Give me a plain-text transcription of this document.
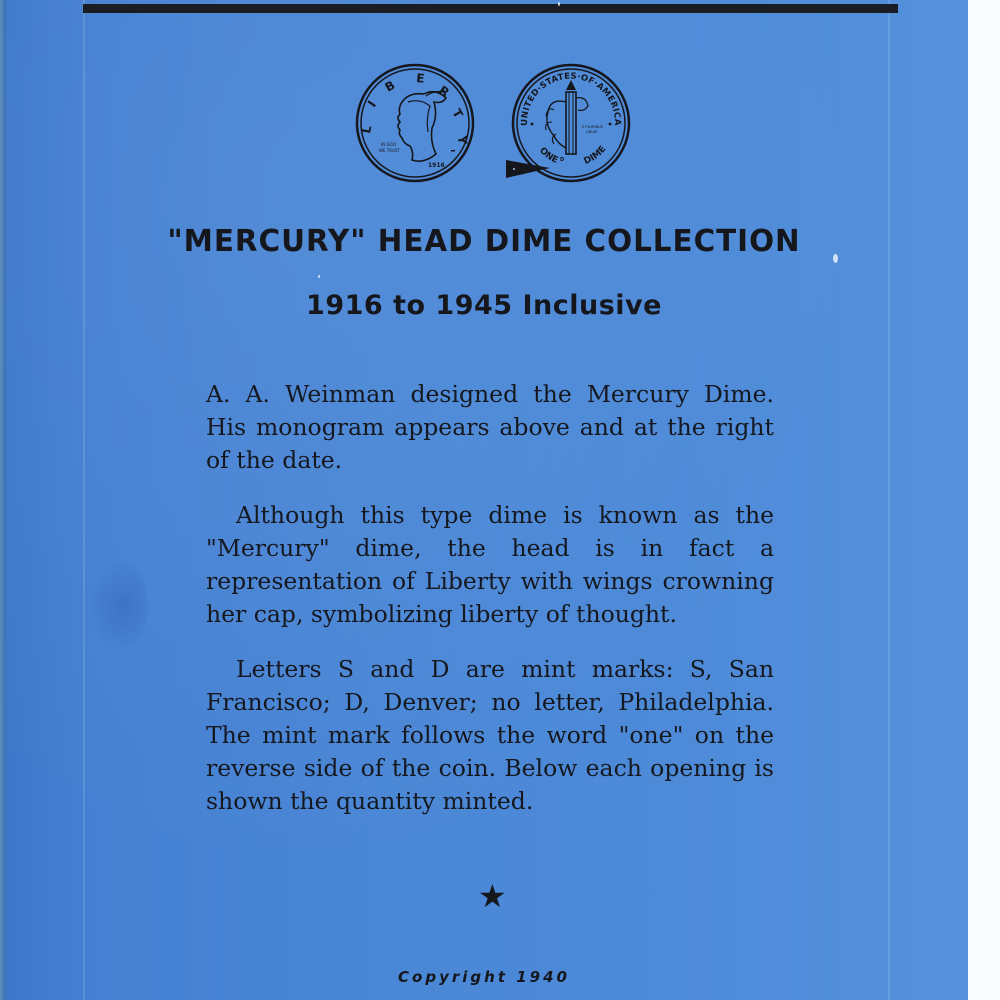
L
I
B E
R
T
Y
IN GOD
WE TRUST
1916
UNITED·STATES·OF·AMERICA
ONE	DIME
E PLURIBUS
UNUM
D
"MERCURY" HEAD DIME COLLECTION
1916 to 1945 Inclusive

A. A. Weinman designed the Mercury Dime. His monogram appears above and at the right of the date.

Although this type dime is known as the "Mercury" dime, the head is in fact a representation of Liberty with wings crowning her cap, symbolizing liberty of thought.

Letters S and D are mint marks: S, San Francisco; D, Denver; no letter, Philadelphia. The mint mark follows the word "one" on the reverse side of the coin. Below each opening is shown the quantity minted.

★
Copyright 1940
